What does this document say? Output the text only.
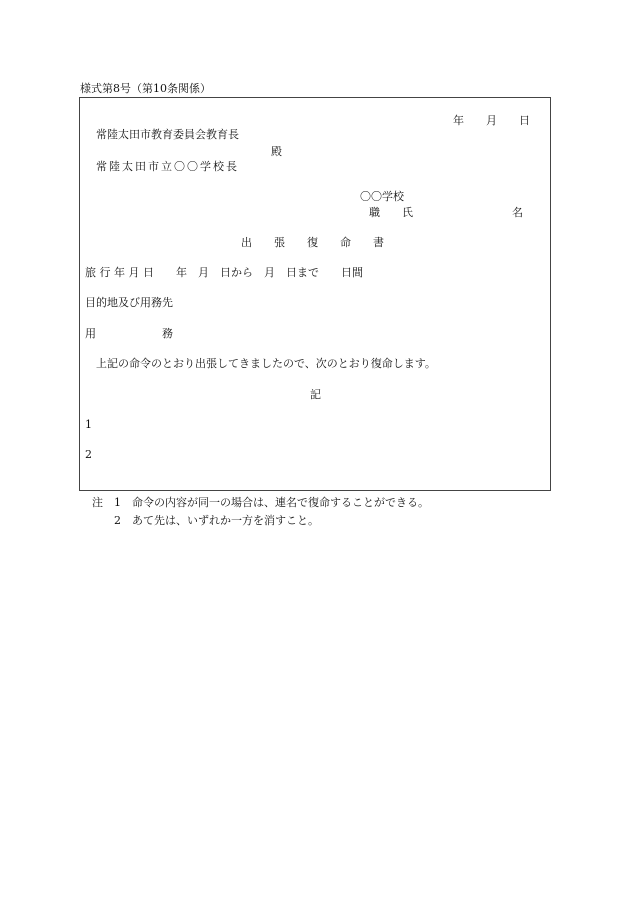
様式第8号（第10条関係）
年　　月　　日
常陸太田市教育委員会教育長
殿
常陸太田市立〇〇学校長
〇〇学校
職　　氏　　　　　　　　　名
出　　張　　復　　命　　書
旅 行 年 月 日　　年　月　日から　月　日まで　　日間
目的地及び用務先
用　　　　　　務
上記の命令のとおり出張してきましたので、次のとおり復命します。
記
1
2
注　1　命令の内容が同一の場合は、連名で復命することができる。
2　あて先は、いずれか一方を消すこと。
